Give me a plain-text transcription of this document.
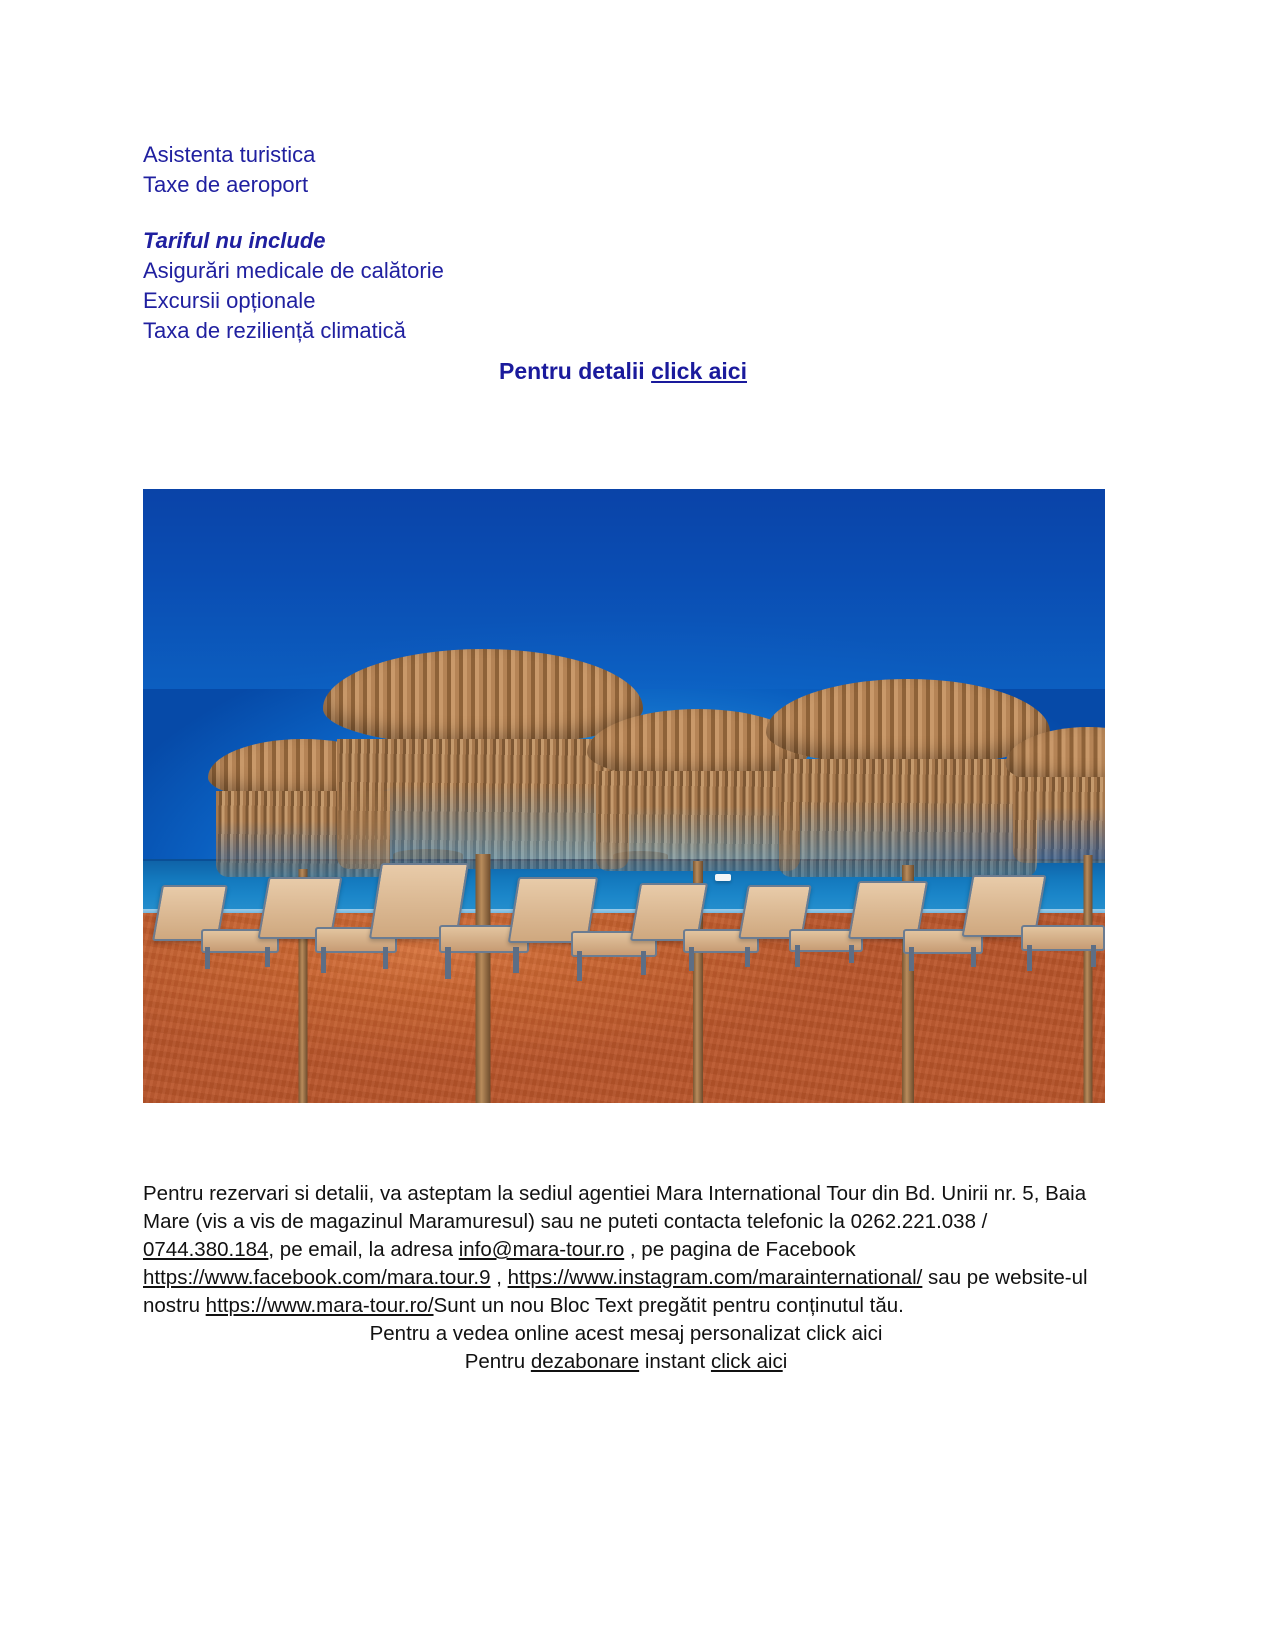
Asistenta turistica
Taxe de aeroport
Tariful nu include
Asigurări medicale de calătorie
Excursii opționale
Taxa de reziliență climatică
Pentru detalii click aici

Pentru rezervari si detalii, va asteptam la sediul agentiei Mara International Tour din Bd. Unirii nr. 5, Baia Mare (vis a vis de magazinul Maramuresul) sau ne puteti contacta telefonic la 0262.221.038 / 0744.380.184, pe email, la adresa info@mara-tour.ro , pe pagina de Facebook https://www.facebook.com/mara.tour.9 , https://www.instagram.com/marainternational/ sau pe website-ul nostru https://www.mara-tour.ro/Sunt un nou Bloc Text pregătit pentru conținutul tău.

Pentru a vedea online acest mesaj personalizat click aici

Pentru dezabonare instant click aici
